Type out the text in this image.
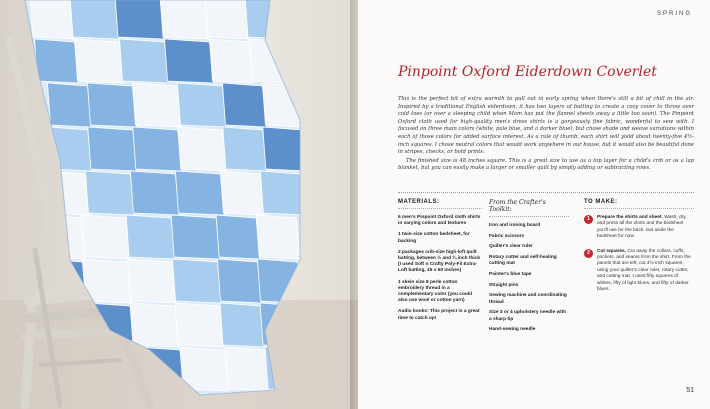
SPRING
Pinpoint Oxford Eiderdown Coverlet

This is the perfect bit of extra warmth to pull out in early spring when there's still a bit of chill in the air. Inspired by a traditional English eiderdown, it has two layers of batting to create a cozy cover to throw over cold toes (or over a sleeping child when Mom has put the flannel sheets away a little too soon). The Pinpoint Oxford cloth used for high-quality men's dress shirts is a gorgeously fine fabric, wonderful to sew with. I focused on three main colors (white, pale blue, and a darker blue), but chose shade and weave variations within each of those colors for added surface interest. As a rule of thumb, each shirt will yield about twenty-five 4½-inch squares. I chose neutral colors that would work anywhere in our house, but it would also be beautiful done in stripes, checks, or bold prints.

The finished size is 48 inches square. This is a great size to use as a top layer for a child's crib or as a lap blanket, but you can easily make a larger or smaller quilt by simply adding or subtracting rows.

MATERIALS:
6 men's Pinpoint Oxford cloth shirts in varying colors and textures
1 twin-size cotton bedsheet, for backing
2 packages crib-size high-loft quilt batting, between ½ and ¾ inch thick (I used Soft n Crafty Poly-Fil Extra-Loft batting, 45 x 60 inches)
1 skein size 8 perle cotton embroidery thread in a complementary color (you could also use wool or cotton yarn)
Audio books: This project is a great time to catch up!
From the Crafter's Toolkit:
Iron and ironing board
Fabric scissors
Quilter's clear ruler
Rotary cutter and self-healing cutting mat
Painter's blue tape
Straight pins
Sewing machine and coordinating thread
Size 3 or 4 upholstery needle with a sharp tip
Hand-sewing needle
TO MAKE:
1	Prepare the shirts and sheet. Wash, dry, and press all the shirts and the bedsheet you'll use for the back. Set aside the bedsheet for now.
2	Cut squares. Cut away the collars, cuffs, pockets, and seams from the shirt. From the panels that are left, cut 4½-inch squares, using your quilter's clear ruler, rotary cutter, and cutting mat. I used fifty squares of whites, fifty of light blues, and fifty of darker blues.
51
